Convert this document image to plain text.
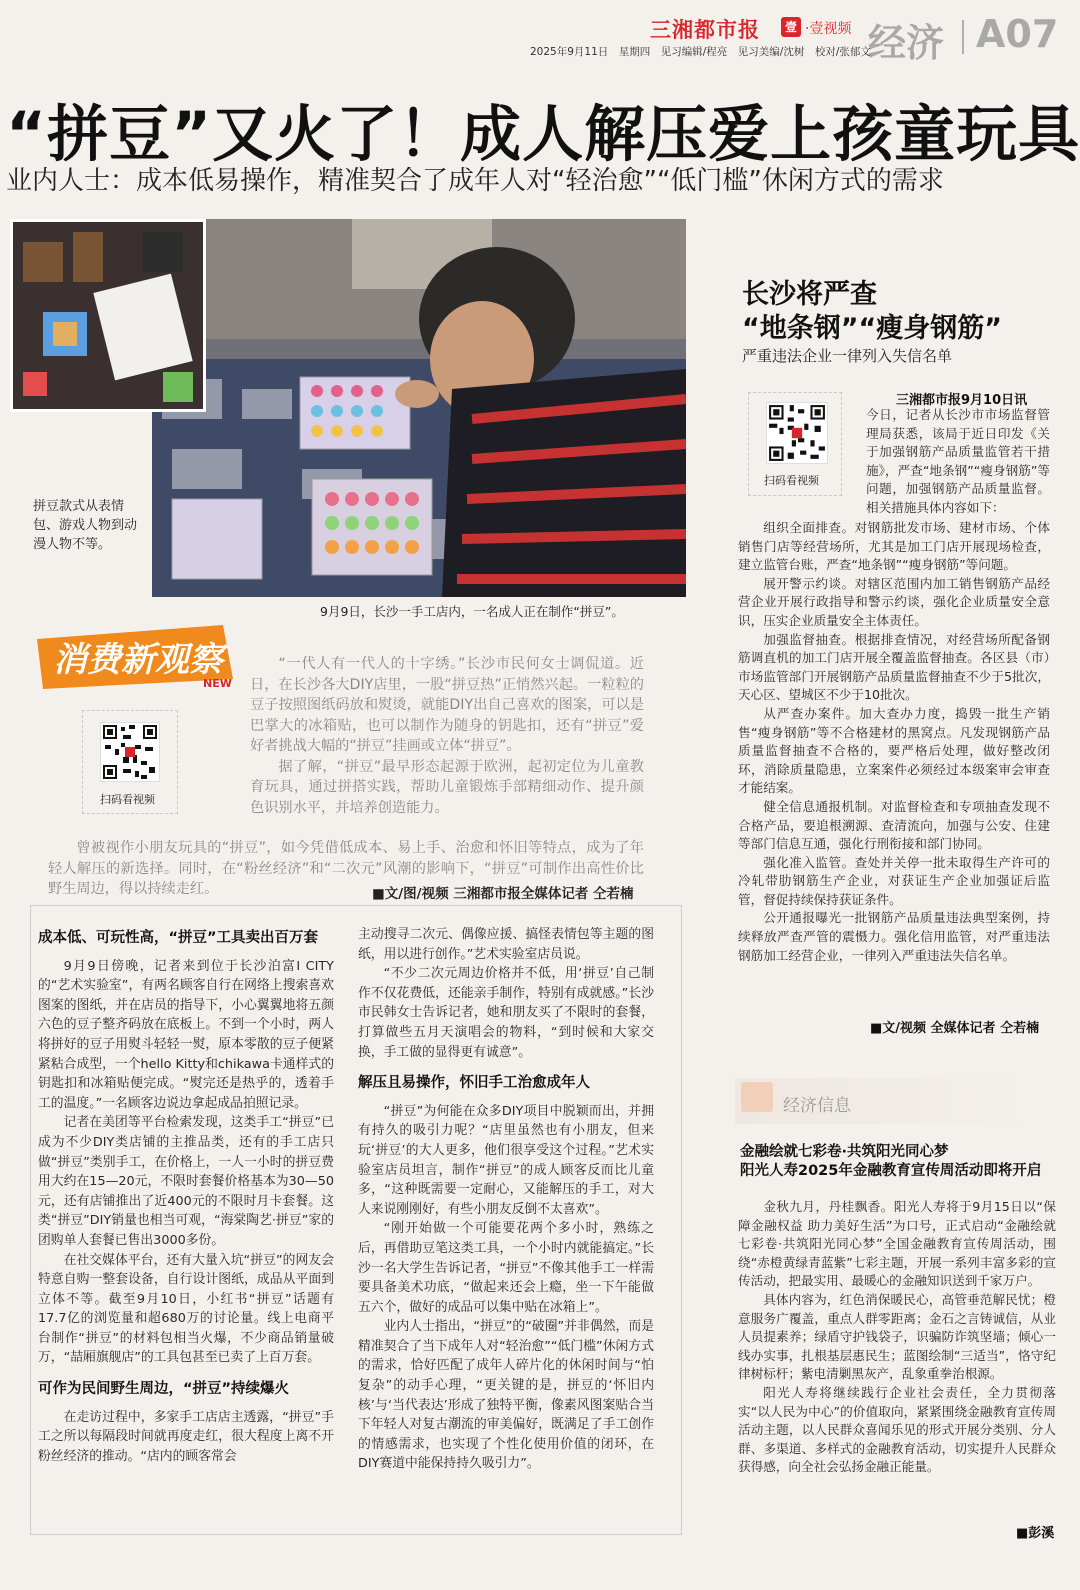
三湘都市报	壹 ·壹视频 经济 A07
2025年9月11日　星期四　见习编辑/程亮　见习美编/沈树　校对/张郁文
“拼豆”又火了！成人解压爱上孩童玩具
业内人士：成本低易操作，精准契合了成年人对“轻治愈”“低门槛”休闲方式的需求
拼豆款式从表情包、游戏人物到动漫人物不等。
9月9日，长沙一手工店内，一名成人正在制作“拼豆”。
消费新观察
NEW
扫码看视频

“一代人有一代人的十字绣。”长沙市民何女士调侃道。近日，在长沙各大DIY店里，一股“拼豆热”正悄然兴起。一粒粒的豆子按照图纸码放和熨烫，就能DIY出自己喜欢的图案，可以是巴掌大的冰箱贴，也可以制作为随身的钥匙扣，还有“拼豆”爱好者挑战大幅的“拼豆”挂画或立体“拼豆”。

据了解，“拼豆”最早形态起源于欧洲，起初定位为儿童教育玩具，通过拼搭实践，帮助儿童锻炼手部精细动作、提升颜色识别水平，并培养创造能力。

曾被视作小朋友玩具的“拼豆”，如今凭借低成本、易上手、治愈和怀旧等特点，成为了年轻人解压的新选择。同时，在“粉丝经济”和“二次元”风潮的影响下，“拼豆”可制作出高性价比野生周边，得以持续走红。	■文/图/视频 三湘都市报全媒体记者 仝若楠
成本低、可玩性高，“拼豆”工具卖出百万套

9月9日傍晚，记者来到位于长沙泊富I CITY的“艺术实验室”，有两名顾客自行在网络上搜索喜欢图案的图纸，并在店员的指导下，小心翼翼地将五颜六色的豆子整齐码放在底板上。不到一个小时，两人将拼好的豆子用熨斗轻轻一熨，原本零散的豆子便紧紧粘合成型，一个hello Kitty和chikawa卡通样式的钥匙扣和冰箱贴便完成。“熨完还是热乎的，透着手工的温度。”一名顾客边说边拿起成品拍照记录。

记者在美团等平台检索发现，这类手工“拼豆”已成为不少DIY类店铺的主推品类，还有的手工店只做“拼豆”类别手工，在价格上，一人一小时的拼豆费用大约在15—20元，不限时套餐价格基本为30—50元，还有店铺推出了近400元的不限时月卡套餐。这类“拼豆”DIY销量也相当可观，“海棠陶艺·拼豆”家的团购单人套餐已售出3000多份。

在社交媒体平台，还有大量入坑“拼豆”的网友会特意自购一整套设备，自行设计图纸，成品从平面到立体不等。截至9月10日，小红书“拼豆”话题有17.7亿的浏览量和超680万的讨论量。线上电商平台制作“拼豆”的材料包相当火爆，不少商品销量破万，“喆厢旗舰店”的工具包甚至已卖了上百万套。

可作为民间野生周边，“拼豆”持续爆火

在走访过程中，多家手工店店主透露，“拼豆”手工之所以每隔段时间就再度走红，很大程度上离不开粉丝经济的推动。“店内的顾客常会

主动搜寻二次元、偶像应援、搞怪表情包等主题的图纸，用以进行创作。”艺术实验室店员说。

“不少二次元周边价格并不低，用‘拼豆’自己制作不仅花费低，还能亲手制作，特别有成就感。”长沙市民韩女士告诉记者，她和朋友买了不限时的套餐，打算做些五月天演唱会的物料，“到时候和大家交换，手工做的显得更有诚意”。

解压且易操作，怀旧手工治愈成年人

“拼豆”为何能在众多DIY项目中脱颖而出，并拥有持久的吸引力呢？“店里虽然也有小朋友，但来玩‘拼豆’的大人更多，他们很享受这个过程。”艺术实验室店员坦言，制作“拼豆”的成人顾客反而比儿童多，“这种既需要一定耐心，又能解压的手工，对大人来说刚刚好，有些小朋友反倒不太喜欢”。

“刚开始做一个可能要花两个多小时，熟练之后，再借助豆笔这类工具，一个小时内就能搞定。”长沙一名大学生告诉记者，“拼豆”不像其他手工一样需要具备美术功底，“做起来还会上瘾，坐一下午能做五六个，做好的成品可以集中贴在冰箱上”。

业内人士指出，“拼豆”的“破圈”并非偶然，而是精准契合了当下成年人对“轻治愈”“低门槛”休闲方式的需求，恰好匹配了成年人碎片化的休闲时间与“怕复杂”的动手心理，“更关键的是，拼豆的‘怀旧内核’与‘当代表达’形成了独特平衡，像素风图案贴合当下年轻人对复古潮流的审美偏好，既满足了手工创作的情感需求，也实现了个性化使用价值的闭环，在DIY赛道中能保持持久吸引力”。

长沙将严查
“地条钢”“瘦身钢筋”
严重违法企业一律列入失信名单
扫码看视频
三湘都市报9月10日讯

今日，记者从长沙市市场监督管理局获悉，该局于近日印发《关于加强钢筋产品质量监管若干措施》，严查“地条钢”“瘦身钢筋”等问题，加强钢筋产品质量监督。相关措施具体内容如下：

组织全面排查。对钢筋批发市场、建材市场、个体销售门店等经营场所，尤其是加工门店开展现场检查，建立监管台账，严查“地条钢”“瘦身钢筋”等问题。

展开警示约谈。对辖区范围内加工销售钢筋产品经营企业开展行政指导和警示约谈，强化企业质量安全意识，压实企业质量安全主体责任。

加强监督抽查。根据排查情况，对经营场所配备钢筋调直机的加工门店开展全覆盖监督抽查。各区县（市）市场监管部门开展钢筋产品质量监督抽查不少于5批次，天心区、望城区不少于10批次。

从严查办案件。加大查办力度，捣毁一批生产销售“瘦身钢筋”等不合格建材的黑窝点。凡发现钢筋产品质量监督抽查不合格的，要严格后处理，做好整改闭环，消除质量隐患，立案案件必须经过本级案审会审查才能结案。

健全信息通报机制。对监督检查和专项抽查发现不合格产品，要追根溯源、查清流向，加强与公安、住建等部门信息互通，强化行刑衔接和部门协同。

强化准入监管。查处并关停一批未取得生产许可的冷轧带肋钢筋生产企业，对获证生产企业加强证后监管，督促持续保持获证条件。

公开通报曝光一批钢筋产品质量违法典型案例，持续释放严查严管的震慑力。强化信用监管，对严重违法钢筋加工经营企业，一律列入严重违法失信名单。

■文/视频 全媒体记者 仝若楠
经济信息
金融绘就七彩卷·共筑阳光同心梦
阳光人寿2025年金融教育宣传周活动即将开启

金秋九月，丹桂飘香。阳光人寿将于9月15日以“保障金融权益 助力美好生活”为口号，正式启动“金融绘就七彩卷·共筑阳光同心梦”全国金融教育宣传周活动，围绕“赤橙黄绿青蓝紫”七彩主题，开展一系列丰富多彩的宣传活动，把最实用、最暖心的金融知识送到千家万户。

具体内容为，红色消保暖民心，高管垂范解民忧；橙意服务广覆盖，重点人群零距离；金石之言铸诚信，从业人员提素养；绿盾守护钱袋子，识骗防诈筑坚墙；倾心一线办实事，扎根基层惠民生；蓝图绘制“三适当”，恪守纪律树标杆；紫电清剿黑灰产，乱象重拳治根源。

阳光人寿将继续践行企业社会责任，全力贯彻落实“以人民为中心”的价值取向，紧紧围绕金融教育宣传周活动主题，以人民群众喜闻乐见的形式开展分类别、分人群、多渠道、多样式的金融教育活动，切实提升人民群众获得感，向全社会弘扬金融正能量。

■彭溪
